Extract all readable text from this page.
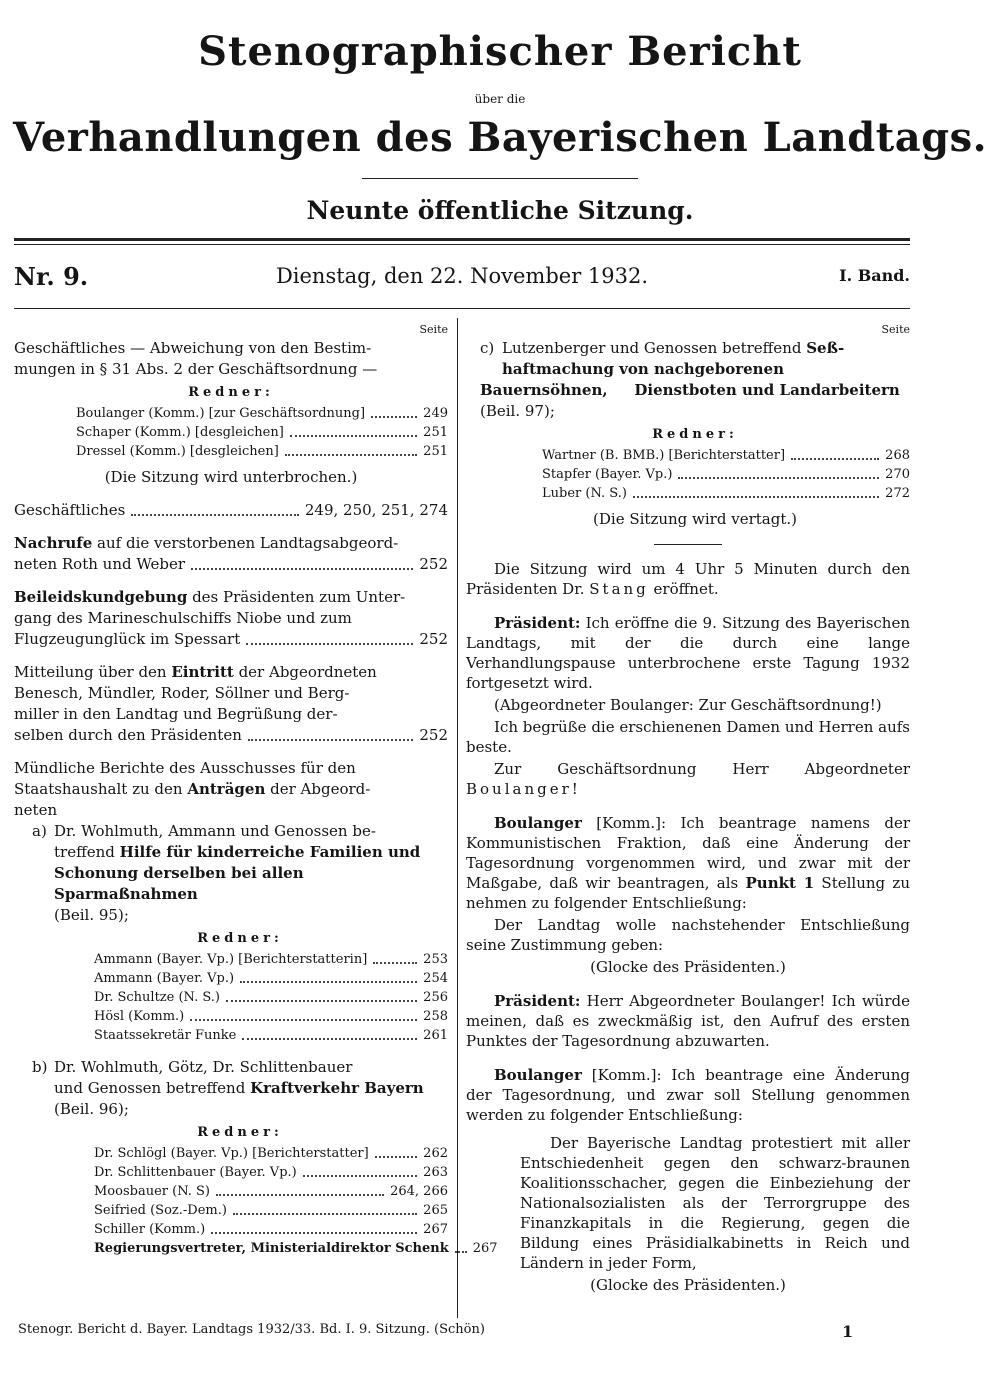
Stenographischer Bericht
über die
Verhandlungen des Bayerischen Landtags.
Neunte öffentliche Sitzung.
Nr. 9.	Dienstag, den 22. November 1932.	I. Band.
Seite
Geschäftliches — Abweichung von den Bestim-
mungen in § 31 Abs. 2 der Geschäftsordnung —
Redner:
Boulanger (Komm.) [zur Geschäftsordnung]	249
Schaper (Komm.) [desgleichen]	251
Dressel (Komm.) [desgleichen]	251
(Die Sitzung wird unterbrochen.)
Geschäftliches	249, 250, 251, 274
Nachrufe auf die verstorbenen Landtagsabgeord-
neten Roth und Weber	252
Beileidskundgebung des Präsidenten zum Unter-
gang des Marineschulschiffs Niobe und zum
Flugzeugunglück im Spessart	252
Mitteilung über den Eintritt der Abgeordneten
Benesch, Mündler, Roder, Söllner und Berg-
miller in den Landtag und Begrüßung der-
selben durch den Präsidenten	252
Mündliche Berichte des Ausschusses für den
Staatshaushalt zu den Anträgen der Abgeord-
neten
a) Dr. Wohlmuth, Ammann und Genossen be-
treffend Hilfe für kinderreiche Familien und
Schonung derselben bei allen Sparmaßnahmen
(Beil. 95);
Redner:
Ammann (Bayer. Vp.) [Berichterstatterin]	253
Ammann (Bayer. Vp.)	254
Dr. Schultze (N. S.)	256
Hösl (Komm.)	258
Staatssekretär Funke	261
b) Dr. Wohlmuth, Götz, Dr. Schlittenbauer
und Genossen betreffend Kraftverkehr Bayern
(Beil. 96);
Redner:
Dr. Schlögl (Bayer. Vp.) [Berichterstatter]	262
Dr. Schlittenbauer (Bayer. Vp.)	263
Moosbauer (N. S)	264, 266
Seifried (Soz.-Dem.)	265
Schiller (Komm.)	267
Regierungsvertreter, Ministerialdirektor Schenk 267
Seite
c) Lutzenberger und Genossen betreffend Seß- haftmachung von nachgeborenen Bauernsöhnen, Dienstboten und Landarbeitern (Beil. 97);
Redner:
Wartner (B. BMB.) [Berichterstatter]	268
Stapfer (Bayer. Vp.)	270
Luber (N. S.)	272
(Die Sitzung wird vertagt.)
Die Sitzung wird um 4 Uhr 5 Minuten durch den Präsidenten Dr. Stang eröffnet.
Präsident: Ich eröffne die 9. Sitzung des Bayerischen Landtags, mit der die durch eine lange Verhandlungspause unterbrochene erste Tagung 1932 fortgesetzt wird.
(Abgeordneter Boulanger: Zur Geschäftsordnung!)
Ich begrüße die erschienenen Damen und Herren aufs beste.
Zur Geschäftsordnung Herr Abgeordneter Boulanger!
Boulanger [Komm.]: Ich beantrage namens der Kommunistischen Fraktion, daß eine Änderung der Tagesordnung vorgenommen wird, und zwar mit der Maßgabe, daß wir beantragen, als Punkt 1 Stellung zu nehmen zu folgender Entschließung:
Der Landtag wolle nachstehender Entschließung seine Zustimmung geben:
(Glocke des Präsidenten.)
Präsident: Herr Abgeordneter Boulanger! Ich würde meinen, daß es zweckmäßig ist, den Aufruf des ersten Punktes der Tagesordnung abzuwarten.
Boulanger [Komm.]: Ich beantrage eine Änderung der Tagesordnung, und zwar soll Stellung genommen werden zu folgender Entschließung:
Der Bayerische Landtag protestiert mit aller Entschiedenheit gegen den schwarz-braunen Koalitionsschacher, gegen die Einbeziehung der Nationalsozialisten als der Terrorgruppe des Finanzkapitals in die Regierung, gegen die Bildung eines Präsidialkabinetts in Reich und Ländern in jeder Form,
(Glocke des Präsidenten.)
Stenogr. Bericht d. Bayer. Landtags 1932/33. Bd. I. 9. Sitzung. (Schön)	1
